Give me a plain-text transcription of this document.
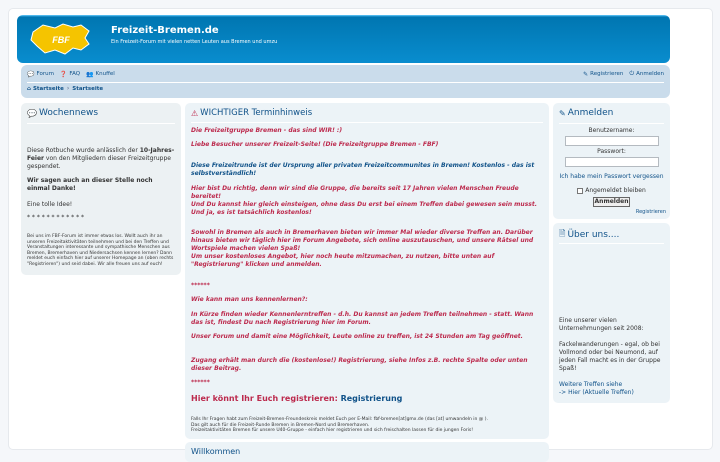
FBF
Freizeit-Bremen.de
Ein Freizeit-Forum mit vielen netten Leuten aus Bremen und umzu
💬 Forum ❓ FAQ 👥 Knuffel	✎ Registrieren ⏻ Anmelden
⌂ Startseite › Startseite
💬 Wochennews
Diese Rotbuche wurde anlässlich der 10-Jahres-Feier von den Mitgliedern dieser Freizeitgruppe gespendet.
Wir sagen auch an dieser Stelle noch einmal Danke!
Eine tolle Idee!
* * * * * * * * * * * *
Bei uns im FBF-Forum ist immer etwas los. Wollt auch ihr an unseren Freizeitaktivitäten teilnehmen und bei den Treffen und Veranstaltungen interessante und sympathische Menschen aus Bremen, Bremerhaven und Niedersachsen kennen lernen? Dann meldet euch einfach hier auf unserer Homepage an (oben rechts "Registrieren") und seid dabei. Wir alle freuen uns auf euch!
⚠ WICHTIGER Terminhinweis
Die Freizeitgruppe Bremen - das sind WIR! :)
Liebe Besucher unserer Freizeit-Seite! (Die Freizeitgruppe Bremen - FBF)
Diese Freizeitrunde ist der Ursprung aller privaten Freizeitcommunites in Bremen! Kostenlos - das ist selbstverständlich!
Hier bist Du richtig, denn wir sind die Gruppe, die bereits seit 17 Jahren vielen Menschen Freude bereitet!
Und Du kannst hier gleich einsteigen, ohne dass Du erst bei einem Treffen dabei gewesen sein musst. Und ja, es ist tatsächlich kostenlos!
Sowohl in Bremen als auch in Bremerhaven bieten wir immer Mal wieder diverse Treffen an. Darüber hinaus bieten wir täglich hier im Forum Angebote, sich online auszutauschen, und unsere Rätsel und Wortspiele machen vielen Spaß!
Um unser kostenloses Angebot, hier noch heute mitzumachen, zu nutzen, bitte unten auf "Registrierung" klicken und anmelden.
******
Wie kann man uns kennenlernen?:
In Kürze finden wieder Kennenlerntreffen - d.h. Du kannst an jedem Treffen teilnehmen - statt. Wann das ist, findest Du nach Registrierung hier im Forum.
Unser Forum und damit eine Möglichkeit, Leute online zu treffen, ist 24 Stunden am Tag geöffnet.
Zugang erhält man durch die (kostenlose!) Registrierung, siehe Infos z.B. rechte Spalte oder unten dieser Beitrag.
******
Hier könnt Ihr Euch registrieren: Registrierung
Falls Ihr Fragen habt zum Freizeit-Bremen-Freundeskreis meldet Euch per E-Mail: fbf-bremen[at]gmx.de (das [at] umwandeln in @ ).
Das gilt auch für die Freizeit-Runde Bremen in Bremen-Nord und Bremerhaven.
Freizeitaktivitäten Bremen für unsere U40-Gruppe - einfach hier registrieren und sich freischalten lassen für die jungen Foris!
Willkommen
✎ Anmelden
Benutzername:
Passwort:
Ich habe mein Passwort vergessen
Angemeldet bleiben
Anmelden
Registrieren
🗎 Über uns....
Eine unserer vielen Unternehmungen seit 2008:
Fackelwanderungen - egal, ob bei Vollmond oder bei Neumond, auf jeden Fall macht es in der Gruppe Spaß!
Weitere Treffen siehe
-> Hier (Aktuelle Treffen)
